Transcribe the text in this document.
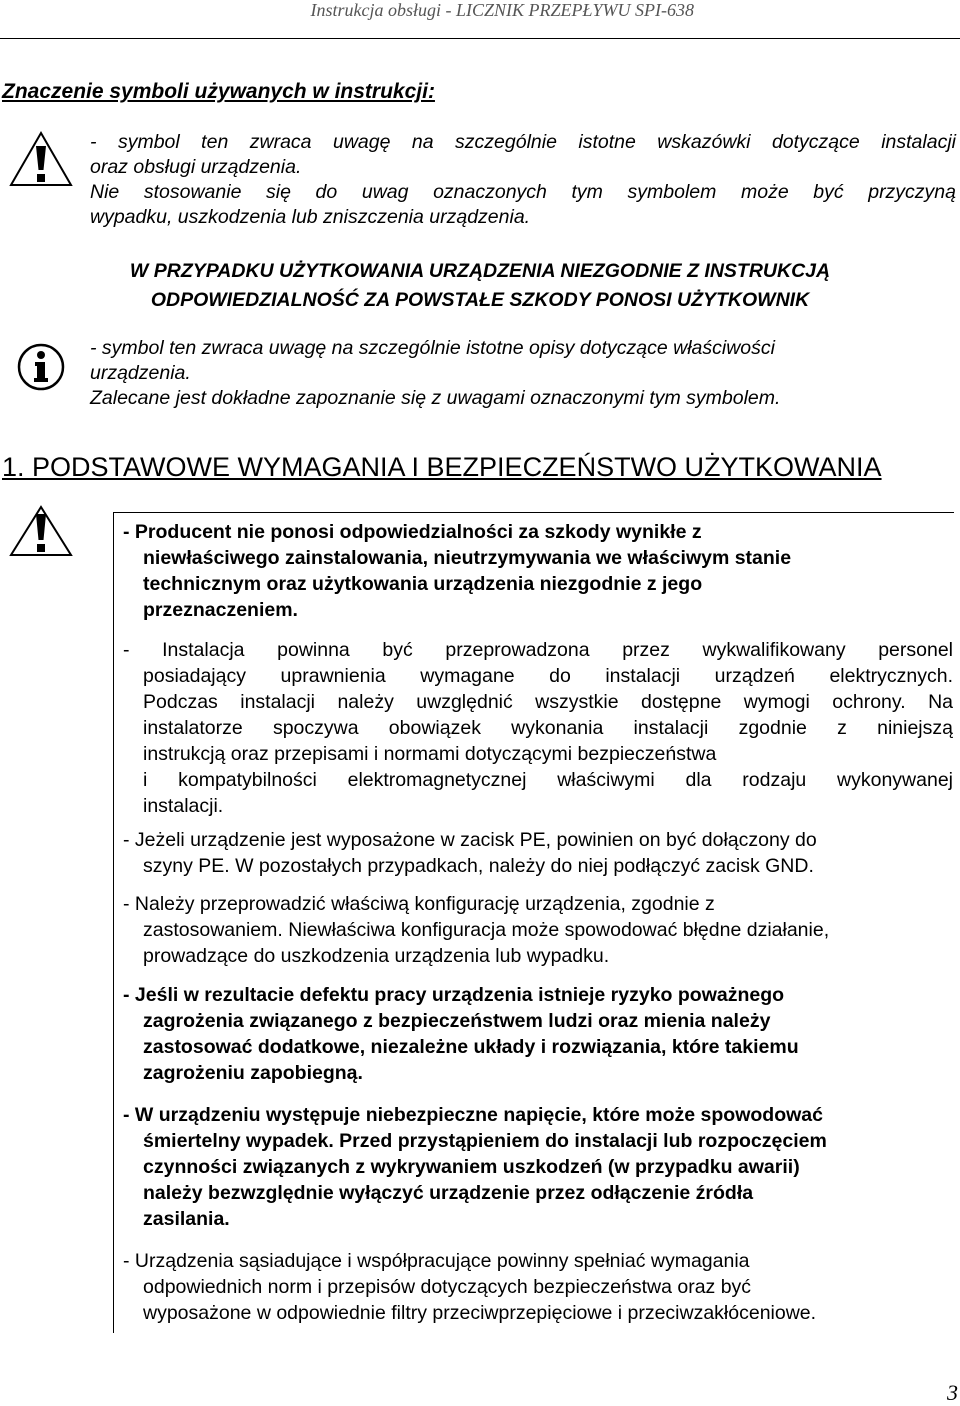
Instrukcja obsługi - LICZNIK PRZEPŁYWU SPI-638
Znaczenie symboli używanych w instrukcji:
- symbol ten zwraca uwagę na szczególnie istotne wskazówki dotyczące instalacji
oraz obsługi urządzenia.
Nie stosowanie się do uwag oznaczonych tym symbolem może być przyczyną
wypadku, uszkodzenia lub zniszczenia urządzenia.
W PRZYPADKU UŻYTKOWANIA URZĄDZENIA NIEZGODNIE Z INSTRUKCJĄ
ODPOWIEDZIALNOŚĆ ZA POWSTAŁE SZKODY PONOSI UŻYTKOWNIK
- symbol ten zwraca uwagę na szczególnie istotne opisy dotyczące właściwości
urządzenia.
Zalecane jest dokładne zapoznanie się z uwagami oznaczonymi tym symbolem.
1. PODSTAWOWE WYMAGANIA I BEZPIECZEŃSTWO UŻYTKOWANIA
- Producent nie ponosi odpowiedzialności za szkody wynikłe z
niewłaściwego zainstalowania, nieutrzymywania we właściwym stanie
technicznym oraz użytkowania urządzenia niezgodnie z jego
przeznaczeniem.
- Instalacja powinna być przeprowadzona przez wykwalifikowany personel
posiadający uprawnienia wymagane do instalacji urządzeń elektrycznych.
Podczas instalacji należy uwzględnić wszystkie dostępne wymogi ochrony. Na
instalatorze spoczywa obowiązek wykonania instalacji zgodnie z niniejszą
instrukcją oraz przepisami i normami dotyczącymi bezpieczeństwa
i kompatybilności elektromagnetycznej właściwymi dla rodzaju wykonywanej
instalacji.
- Jeżeli urządzenie jest wyposażone w zacisk PE, powinien on być dołączony do
szyny PE. W pozostałych przypadkach, należy do niej podłączyć zacisk GND.
- Należy przeprowadzić właściwą konfigurację urządzenia, zgodnie z
zastosowaniem. Niewłaściwa konfiguracja może spowodować błędne działanie,
prowadzące do uszkodzenia urządzenia lub wypadku.
- Jeśli w rezultacie defektu pracy urządzenia istnieje ryzyko poważnego
zagrożenia związanego z bezpieczeństwem ludzi oraz mienia należy
zastosować dodatkowe, niezależne układy i rozwiązania, które takiemu
zagrożeniu zapobiegną.
- W urządzeniu występuje niebezpieczne napięcie, które może spowodować
śmiertelny wypadek. Przed przystąpieniem do instalacji lub rozpoczęciem
czynności związanych z wykrywaniem uszkodzeń (w przypadku awarii)
należy bezwzględnie wyłączyć urządzenie przez odłączenie źródła
zasilania.
- Urządzenia sąsiadujące i współpracujące powinny spełniać wymagania
odpowiednich norm i przepisów dotyczących bezpieczeństwa oraz być
wyposażone w odpowiednie filtry przeciwprzepięciowe i przeciwzakłóceniowe.
3
